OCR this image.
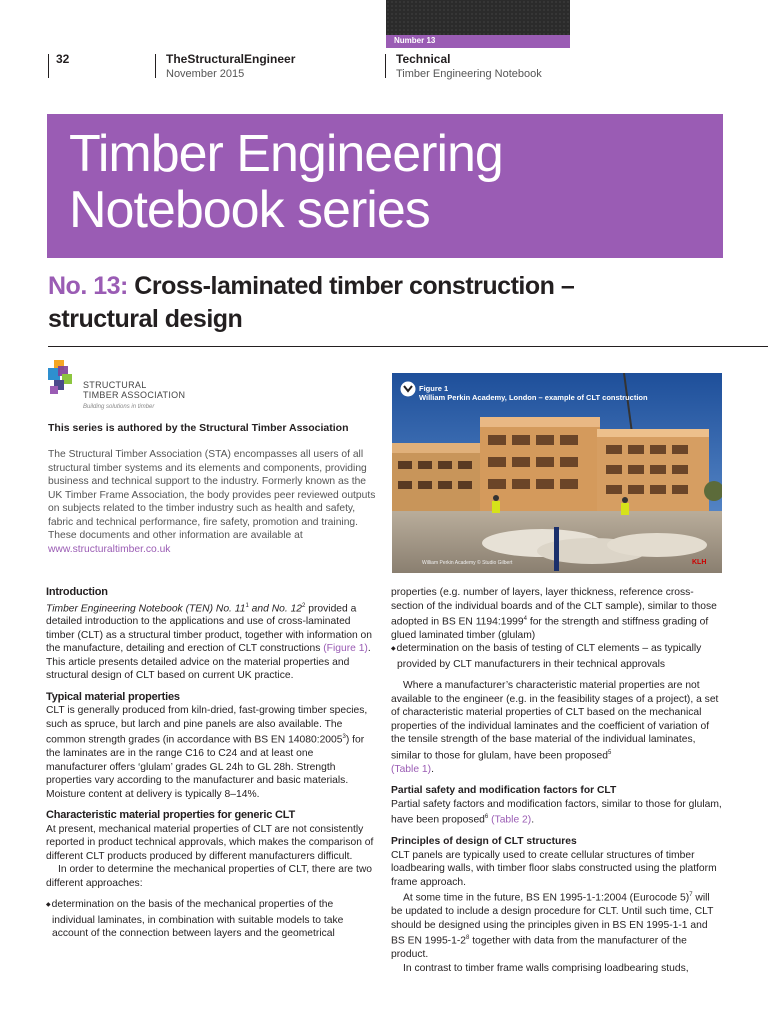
Number 13
32	TheStructuralEngineer
November 2015
Technical
Timber Engineering Notebook
Timber Engineering
Notebook series
No. 13: Cross-laminated timber construction –
structural design
STRUCTURAL
TIMBER ASSOCIATION
Building solutions in timber
This series is authored by the Structural Timber Association

The Structural Timber Association (STA) encompasses all users of all structural timber systems and its elements and components, providing business and technical support to the industry. Formerly known as the UK Timber Frame Association, the body provides peer reviewed outputs on subjects related to the timber industry such as health and safety, fabric and technical performance, fire safety, promotion and training. These documents and other information are available at www.structuraltimber.co.uk

Figure 1
William Perkin Academy, London – example of CLT construction
William Perkin Academy © Studio Gilbert	KLH
Introduction

Timber Engineering Notebook (TEN) No. $11^1$ and No. $12^2$ provided a detailed introduction to the applications and use of cross-laminated timber (CLT) as a structural timber product, together with information on the manufacture, detailing and erection of CLT constructions (Figure 1). This article presents detailed advice on the material properties and structural design of CLT based on current UK practice.

Typical material properties

CLT is generally produced from kiln-dried, fast-growing timber species, such as spruce, but larch and pine panels are also available. The common strength grades (in accordance with BS EN 14080:2005$^3$) for the laminates are in the range C16 to C24 and at least one manufacturer offers ‘glulam’ grades GL 24h to GL 28h. Strength properties vary according to the manufacturer and basic materials. Moisture content at delivery is typically 8–14%.

Characteristic material properties for generic CLT

At present, mechanical material properties of CLT are not consistently reported in product technical approvals, which makes the comparison of different CLT products produced by different manufacturers difficult.

In order to determine the mechanical properties of CLT, there are two different approaches:

◆ determination on the basis of the mechanical properties of the individual laminates, in combination with suitable models to take account of the connection between layers and the geometrical

properties (e.g. number of layers, layer thickness, reference cross-section of the individual boards and of the CLT sample), similar to those adopted in BS EN 1194:1999$^4$ for the strength and stiffness grading of glued laminated timber (glulam)

◆ determination on the basis of testing of CLT elements – as typically provided by CLT manufacturers in their technical approvals

Where a manufacturer’s characteristic material properties are not available to the engineer (e.g. in the feasibility stages of a project), a set of characteristic material properties of CLT based on the mechanical properties of the individual laminates and the coefficient of variation of the tensile strength of the base material of the individual laminates, similar to those for glulam, have been proposed$^5$
(Table 1).

Partial safety and modification factors for CLT

Partial safety factors and modification factors, similar to those for glulam, have been proposed$^6$ (Table 2).

Principles of design of CLT structures

CLT panels are typically used to create cellular structures of timber loadbearing walls, with timber floor slabs constructed using the platform frame approach.

At some time in the future, BS EN 1995-1-1:2004 (Eurocode 5)$^7$ will be updated to include a design procedure for CLT. Until such time, CLT should be designed using the principles given in BS EN 1995-1-1 and BS EN $1995-1-2^8$ together with data from the manufacturer of the product.

In contrast to timber frame walls comprising loadbearing studs,
